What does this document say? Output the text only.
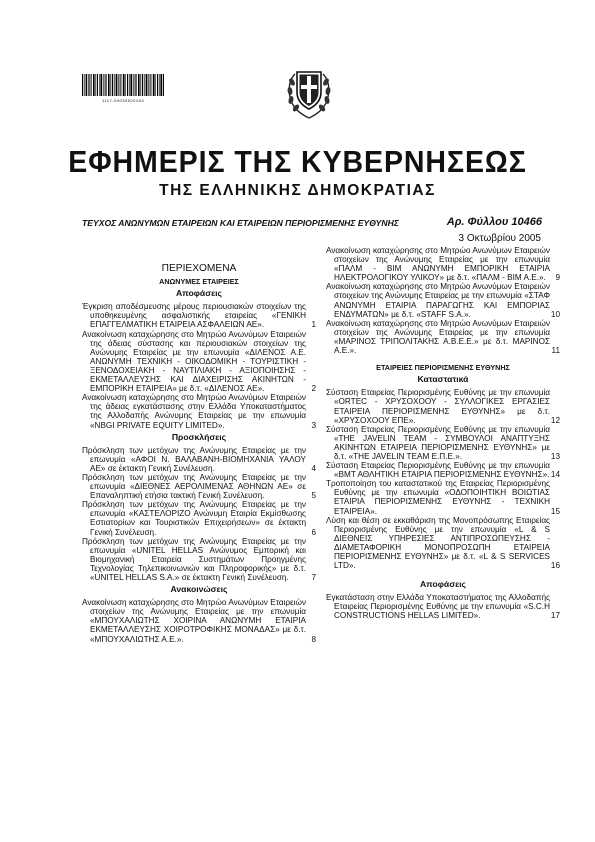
1117-00039520163
ΕΦΗΜΕΡΙΣ ΤΗΣ ΚΥΒΕΡΝΗΣΕΩΣ
ΤΗΣ ΕΛΛΗΝΙΚΗΣ ΔΗΜΟΚΡΑΤΙΑΣ
ΤΕΥΧΟΣ ΑΝΩΝΥΜΩΝ ΕΤΑΙΡΕΙΩΝ ΚΑΙ ΕΤΑΙΡΕΙΩΝ ΠΕΡΙΟΡΙΣΜΕΝΗΣ ΕΥΘΥΝΗΣ	Αρ. Φύλλου 10466
3 Οκτωβρίου 2005
ΠΕΡΙΕΧΟΜΕΝΑ
ΑΝΩΝΥΜΕΣ ΕΤΑΙΡΕΙΕΣ
Αποφάσεις
Έγκριση αποδέσμευσης μέρους περιουσιακών στοιχείων της υποθηκευμένης ασφαλιστικής εταιρείας «ΓΕΝΙΚΗ ΕΠΑΓΓΕΛΜΑΤΙΚΗ ΕΤΑΙΡΕΙΑ ΑΣΦΑΛΕΙΩΝ ΑΕ».	1
Ανακοίνωση καταχώρησης στο Μητρώο Ανωνύμων Εταιρειών της άδειας σύστασης και περιουσιακών στοιχείων της Ανώνυμης Εταιρείας με την επωνυμία «ΔΙΛΕΝΟΣ Α.Ε. ΑΝΩΝΥΜΗ ΤΕΧΝΙΚΗ - ΟΙΚΟΔΟΜΙΚΗ - ΤΟΥΡΙΣΤΙΚΗ - ΞΕΝΟΔΟΧΕΙΑΚΗ - ΝΑΥΤΙΛΙΑΚΗ - ΑΞΙΟΠΟΙΗΣΗΣ - ΕΚΜΕΤΑΛΛΕΥΣΗΣ ΚΑΙ ΔΙΑΧΕΙΡΙΣΗΣ ΑΚΙΝΗΤΩΝ - ΕΜΠΟΡΙΚΗ ΕΤΑΙΡΕΙΑ» με δ.τ. «ΔΙΛΕΝΟΣ ΑΕ».	2
Ανακοίνωση καταχώρησης στο Μητρώο Ανωνύμων Εταιρειών της άδειας εγκατάστασης στην Ελλάδα Υποκαταστήματος της Αλλοδαπής Ανώνυμης Εταιρείας με την επωνυμία «NBGI PRIVATE EQUITY LIMITED».	3
Προσκλήσεις
Πρόσκληση των μετόχων της Ανώνυμης Εταιρείας με την επωνυμία «ΑΦΟΙ Ν. ΒΑΛΑΒΑΝΗ-ΒΙΟΜΗΧΑΝΙΑ ΥΑΛΟΥ ΑΕ» σε έκτακτη Γενική Συνέλευση.	4
Πρόσκληση των μετόχων της Ανώνυμης Εταιρείας με την επωνυμία «ΔΙΕΘΝΕΣ ΑΕΡΟΛΙΜΕΝΑΣ ΑΘΗΝΩΝ ΑΕ» σε Επαναληπτική ετήσια τακτική Γενική Συνέλευση.	5
Πρόσκληση των μετόχων της Ανώνυμης Εταιρείας με την επωνυμία «ΚΑΣΤΕΛΟΡΙΖΟ Ανώνυμη Εταιρία Εκμίσθωσης Εστιατορίων και Τουριστικών Επιχειρήσεων» σε έκτακτη Γενική Συνέλευση.	6
Πρόσκληση των μετόχων της Ανώνυμης Εταιρείας με την επωνυμία «UNITEL HELLAS Ανώνυμος Εμπορική και Βιομηχανική Εταιρεία Συστημάτων Προηγμένης Τεχνολογίας Τηλεπικοινωνιών και Πληροφορικής» με δ.τ. «UNITEL HELLAS S.A.» σε έκτακτη Γενική Συνέλευση.	7
Ανακοινώσεις
Ανακοίνωση καταχώρησης στο Μητρώο Ανωνύμων Εταιρειών στοιχείων της Ανώνυμης Εταιρείας με την επωνυμία «ΜΠΟΥΧΑΛΙΩΤΗΣ ΧΟΙΡΙΝΑ ΑΝΩΝΥΜΗ ΕΤΑΙΡΙΑ ΕΚΜΕΤΑΛΛΕΥΣΗΣ ΧΟΙΡΟΤΡΟΦΙΚΗΣ ΜΟΝΑΔΑΣ» με δ.τ. «ΜΠΟΥΧΑΛΙΩΤΗΣ Α.Ε.».	8
Ανακοίνωση καταχώρησης στο Μητρώο Ανωνύμων Εταιρειών στοιχείων της Ανώνυμης Εταιρείας με την επωνυμία «ΠΑΛΜ - ΒΙΜ ΑΝΩΝΥΜΗ ΕΜΠΟΡΙΚΗ ΕΤΑΙΡΙΑ ΗΛΕΚΤΡΟΛΟΓΙΚΟΥ ΥΛΙΚΟΥ» με δ.τ. «ΠΑΛΜ - ΒΙΜ Α.Ε.». 9
Ανακοίνωση καταχώρησης στο Μητρώο Ανωνύμων Εταιρειών στοιχείων της Ανώνυμης Εταιρείας με την επωνυμία «ΣΤΑΦ ΑΝΩΝΥΜΗ ΕΤΑΙΡΙΑ ΠΑΡΑΓΩΓΗΣ ΚΑΙ ΕΜΠΟΡΙΑΣ ΕΝΔΥΜΑΤΩΝ» με δ.τ. «STAFF S.A.».	10
Ανακοίνωση καταχώρησης στο Μητρώο Ανωνύμων Εταιρειών στοιχείων της Ανώνυμης Εταιρείας με την επωνυμία «ΜΑΡΙΝΟΣ ΤΡΙΠΟΛΙΤΑΚΗΣ Α.Β.Ε.Ε.» με δ.τ. ΜΑΡΙΝΟΣ Α.Ε.».	11
ΕΤΑΙΡΕΙΕΣ ΠΕΡΙΟΡΙΣΜΕΝΗΣ ΕΥΘΥΝΗΣ
Καταστατικά
Σύσταση Εταιρείας Περιορισμένης Ευθύνης με την επωνυμία «ORTEC - ΧΡΥΣΟΧΟΟΥ - ΣΥΛΛΟΓΙΚΕΣ ΕΡΓΑΣΙΕΣ ΕΤΑΙΡΕΙΑ ΠΕΡΙΟΡΙΣΜΕΝΗΣ ΕΥΘΥΝΗΣ» με δ.τ. «ΧΡΥΣΟΧΟΟΥ ΕΠΕ».	12
Σύσταση Εταιρείας Περιορισμένης Ευθύνης με την επωνυμία «THE JAVELIN TEAM - ΣΥΜΒΟΥΛΟΙ ΑΝΑΠΤΥΞΗΣ ΑΚΙΝΗΤΩΝ ΕΤΑΙΡΕΙΑ ΠΕΡΙΟΡΙΣΜΕΝΗΣ ΕΥΘΥΝΗΣ» με δ.τ. «THE JAVELIN TEAM Ε.Π.Ε.».	13
Σύσταση Εταιρείας Περιορισμένης Ευθύνης με την επωνυμία «ΒΜΤ ΑΘΛΗΤΙΚΗ ΕΤΑΙΡΙΑ ΠΕΡΙΟΡΙΣΜΕΝΗΣ ΕΥΘΥΝΗΣ». 14
Τροποποίηση του καταστατικού της Εταιρείας Περιορισμένης Ευθύνης με την επωνυμία «ΟΔΟΠΟΙΗΤΙΚΗ ΒΟΙΩΤΙΑΣ ΕΤΑΙΡΙΑ ΠΕΡΙΟΡΙΣΜΕΝΗΣ ΕΥΘΥΝΗΣ - ΤΕΧΝΙΚΗ ΕΤΑΙΡΕΙΑ».	15
Λύση και θέση σε εκκαθάριση της Μονοπρόσωπης Εταιρείας Περιορισμένης Ευθύνης με την επωνυμία «L & S ΔΙΕΘΝΕΙΣ ΥΠΗΡΕΣΙΕΣ ΑΝΤΙΠΡΟΣΩΠΕΥΣΗΣ - ΔΙΑΜΕΤΑΦΟΡΙΚΗ ΜΟΝΟΠΡΟΣΩΠΗ ΕΤΑΙΡΕΙΑ ΠΕΡΙΟΡΙΣΜΕΝΗΣ ΕΥΘΥΝΗΣ» με δ.τ. «L & S SERVICES LTD».	16
Αποφάσεις
Εγκατάσταση στην Ελλάδα Υποκαταστήματος της Αλλοδαπής Εταιρείας Περιορισμένης Ευθύνης με την επωνυμία «S.C.H CONSTRUCTIONS HELLAS LIMITED».	17
